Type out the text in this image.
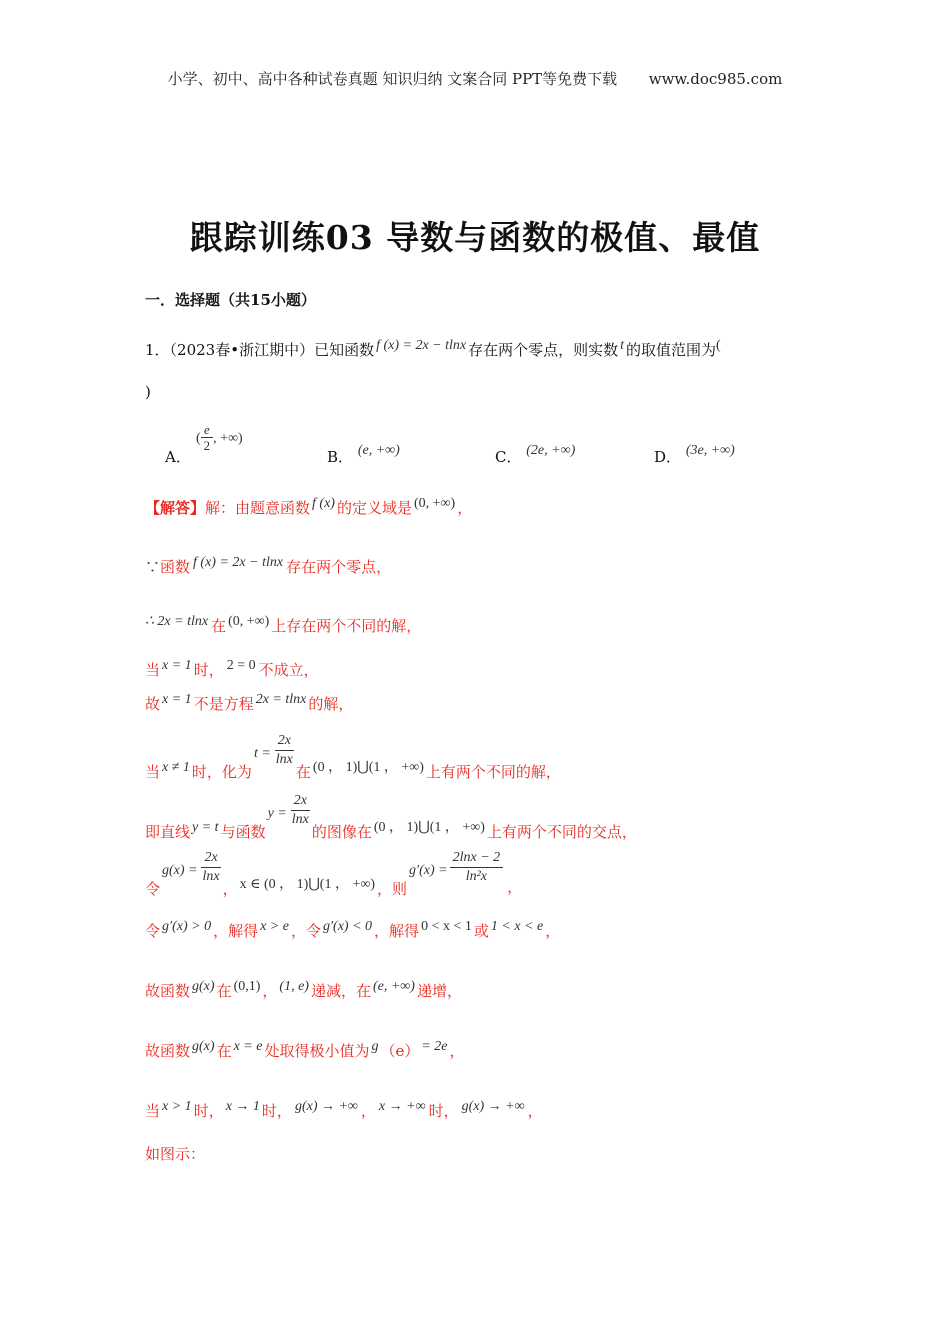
小学、初中、高中各种试卷真题 知识归纳 文案合同 PPT等免费下载 www.doc985.com
跟踪训练03 导数与函数的极值、最值
一．选择题（共15小题）
1．（2023春•浙江期中）已知函数 f (x) = 2x − tlnx 存在两个零点，则实数 t 的取值范围为(
)
A．
( $\frac{e}{2}$ , +∞)
B． (e, +∞)	C． (2e, +∞)	D． (3e, +∞)
【解答】解：由题意函数 f (x) 的定义域是 (0, +∞) ，
∵函数 f (x) = 2x − tlnx 存在两个零点，
∴ 2x = tlnx 在 (0, +∞) 上存在两个不同的解，
当 x = 1 时， 2 = 0 不成立，
故 x = 1 不是方程 2x = tlnx 的解，
当 x ≠ 1 时，化为$t = \frac{2x}{\ln x}$
在 (0 ， 1)⋃(1 ， +∞) 上有两个不同的解，
即直线 y = t 与函数$y = \frac{2x}{\ln x}$
的图像在 (0 ， 1)⋃(1 ， +∞) 上有两个不同的交点，
令$g(x) = \frac{2x}{\ln x}$
， x ∈ (0 ， 1)⋃(1 ， +∞) ，则$g'(x) = \frac{2\ln x - 2}{\text{ln²x}}$
，
令 g′(x) > 0 ，解得 x > e ，令 g′(x) < 0 ，解得 0 < x < 1 或 1 < x < e ，
故函数 g(x) 在 (0,1) ， (1, e) 递减，在 (e, +∞) 递增，
故函数 g(x) 在 x = e 处取得极小值为 g （e） = 2e ，
当 x > 1 时， x → 1 时， g(x) → +∞ ， x → +∞ 时， g(x) → +∞ ，
如图示：
